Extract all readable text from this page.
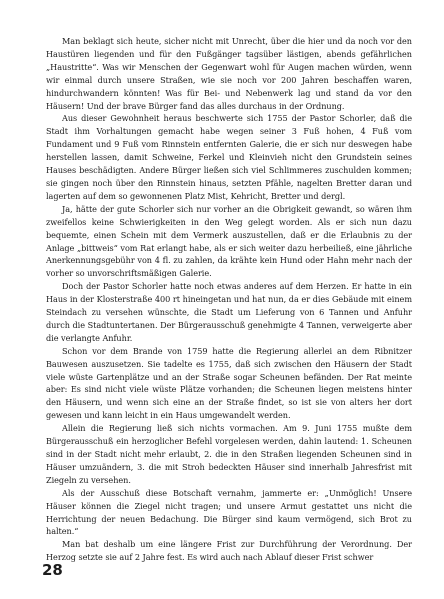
Man beklagt sich heute, sicher nicht mit Unrecht, über die hier und da noch vor den Haustüren liegenden und für den Fußgänger tagsüber lästigen, abends gefährlichen „Haustritte“. Was wir Menschen der Gegenwart wohl für Augen machen würden, wenn wir einmal durch unsere Straßen, wie sie noch vor 200 Jahren beschaffen waren, hindurchwandern könnten! Was für Bei- und Nebenwerk lag und stand da vor den Häusern! Und der brave Bürger fand das alles durchaus in der Ordnung.

Aus dieser Gewohnheit heraus beschwerte sich 1755 der Pastor Schorler, daß die Stadt ihm Vorhaltungen gemacht habe wegen seiner 3 Fuß hohen, 4 Fuß vom Fundament und 9 Fuß vom Rinnstein entfernten Galerie, die er sich nur deswegen habe herstellen lassen, damit Schweine, Ferkel und Kleinvieh nicht den Grundstein seines Hauses beschädigten. Andere Bürger ließen sich viel Schlimmeres zuschulden kommen; sie gingen noch über den Rinnstein hinaus, setzten Pfähle, nagelten Bretter daran und lagerten auf dem so gewonnenen Platz Mist, Kehricht, Bretter und dergl.

Ja, hätte der gute Schorler sich nur vorher an die Obrigkeit gewandt, so wären ihm zweifellos keine Schwierigkeiten in den Weg gelegt worden. Als er sich nun dazu bequemte, einen Schein mit dem Vermerk auszustellen, daß er die Erlaubnis zu der Anlage „bittweis“ vom Rat erlangt habe, als er sich weiter dazu herbeiließ, eine jährliche Anerkennungsgebühr von 4 fl. zu zahlen, da krähte kein Hund oder Hahn mehr nach der vorher so unvorschriftsmäßigen Galerie.

Doch der Pastor Schorler hatte noch etwas anderes auf dem Herzen. Er hatte in ein Haus in der Klosterstraße 400 rt hineingetan und hat nun, da er dies Gebäude mit einem Steindach zu versehen wünschte, die Stadt um Lieferung von 6 Tannen und Anfuhr durch die Stadtuntertanen. Der Bürgerausschuß genehmigte 4 Tannen, verweigerte aber die verlangte Anfuhr.

Schon vor dem Brande von 1759 hatte die Regierung allerlei an dem Ribnitzer Bauwesen auszusetzen. Sie tadelte es 1755, daß sich zwischen den Häusern der Stadt viele wüste Gartenplätze und an der Straße sogar Scheunen befänden. Der Rat meinte aber: Es sind nicht viele wüste Plätze vorhanden; die Scheunen liegen meistens hinter den Häusern, und wenn sich eine an der Straße findet, so ist sie von alters her dort gewesen und kann leicht in ein Haus umgewandelt werden.

Allein die Regierung ließ sich nichts vormachen. Am 9. Juni 1755 mußte dem Bürgerausschuß ein herzoglicher Befehl vorgelesen werden, dahin lautend: 1. Scheunen sind in der Stadt nicht mehr erlaubt, 2. die in den Straßen liegenden Scheunen sind in Häuser umzuändern, 3. die mit Stroh bedeckten Häuser sind innerhalb Jahresfrist mit Ziegeln zu versehen.

Als der Ausschuß diese Botschaft vernahm, jammerte er: „Unmöglich! Unsere Häuser können die Ziegel nicht tragen; und unsere Armut gestattet uns nicht die Herrichtung der neuen Bedachung. Die Bürger sind kaum vermögend, sich Brot zu halten.“

Man bat deshalb um eine längere Frist zur Durchführung der Verordnung. Der Herzog setzte sie auf 2 Jahre fest. Es wird auch nach Ablauf dieser Frist schwer

28
